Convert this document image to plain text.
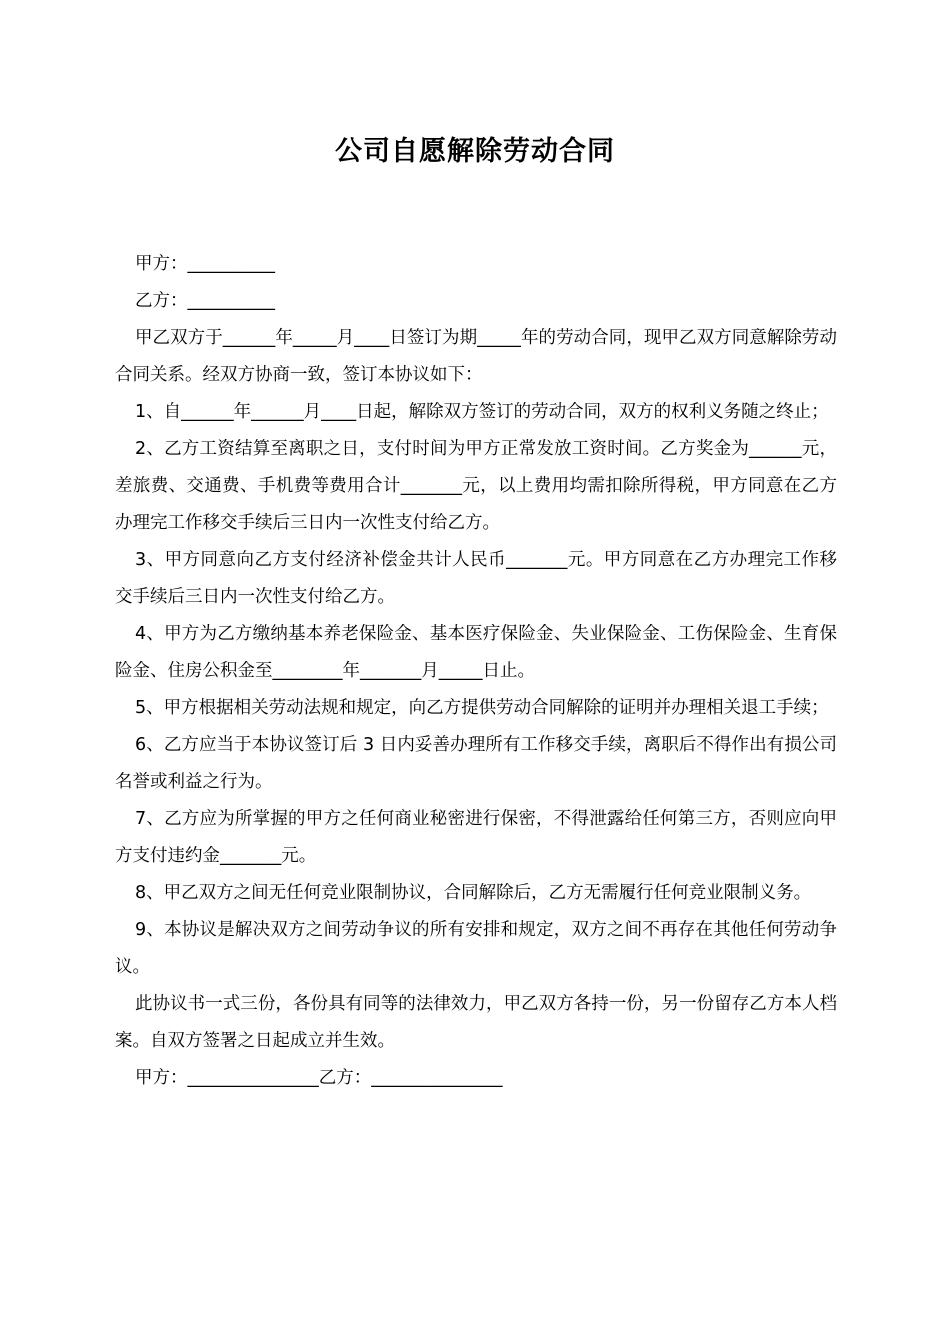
公司自愿解除劳动合同

甲方：__________

乙方：__________

甲乙双方于______年_____月____日签订为期_____年的劳动合同，现甲乙双方同意解除劳动合同关系。经双方协商一致，签订本协议如下：

1、自______年______月____日起，解除双方签订的劳动合同，双方的权利义务随之终止；

2、乙方工资结算至离职之日，支付时间为甲方正常发放工资时间。乙方奖金为______元，差旅费、交通费、手机费等费用合计_______元，以上费用均需扣除所得税，甲方同意在乙方办理完工作移交手续后三日内一次性支付给乙方。

3、甲方同意向乙方支付经济补偿金共计人民币_______元。甲方同意在乙方办理完工作移交手续后三日内一次性支付给乙方。

4、甲方为乙方缴纳基本养老保险金、基本医疗保险金、失业保险金、工伤保险金、生育保险金、住房公积金至________年_______月_____日止。

5、甲方根据相关劳动法规和规定，向乙方提供劳动合同解除的证明并办理相关退工手续；

6、乙方应当于本协议签订后 3 日内妥善办理所有工作移交手续，离职后不得作出有损公司名誉或利益之行为。

7、乙方应为所掌握的甲方之任何商业秘密进行保密，不得泄露给任何第三方，否则应向甲方支付违约金_______元。

8、甲乙双方之间无任何竞业限制协议，合同解除后，乙方无需履行任何竞业限制义务。

9、本协议是解决双方之间劳动争议的所有安排和规定，双方之间不再存在其他任何劳动争议。

此协议书一式三份，各份具有同等的法律效力，甲乙双方各持一份，另一份留存乙方本人档案。自双方签署之日起成立并生效。

甲方：_______________乙方：_______________
